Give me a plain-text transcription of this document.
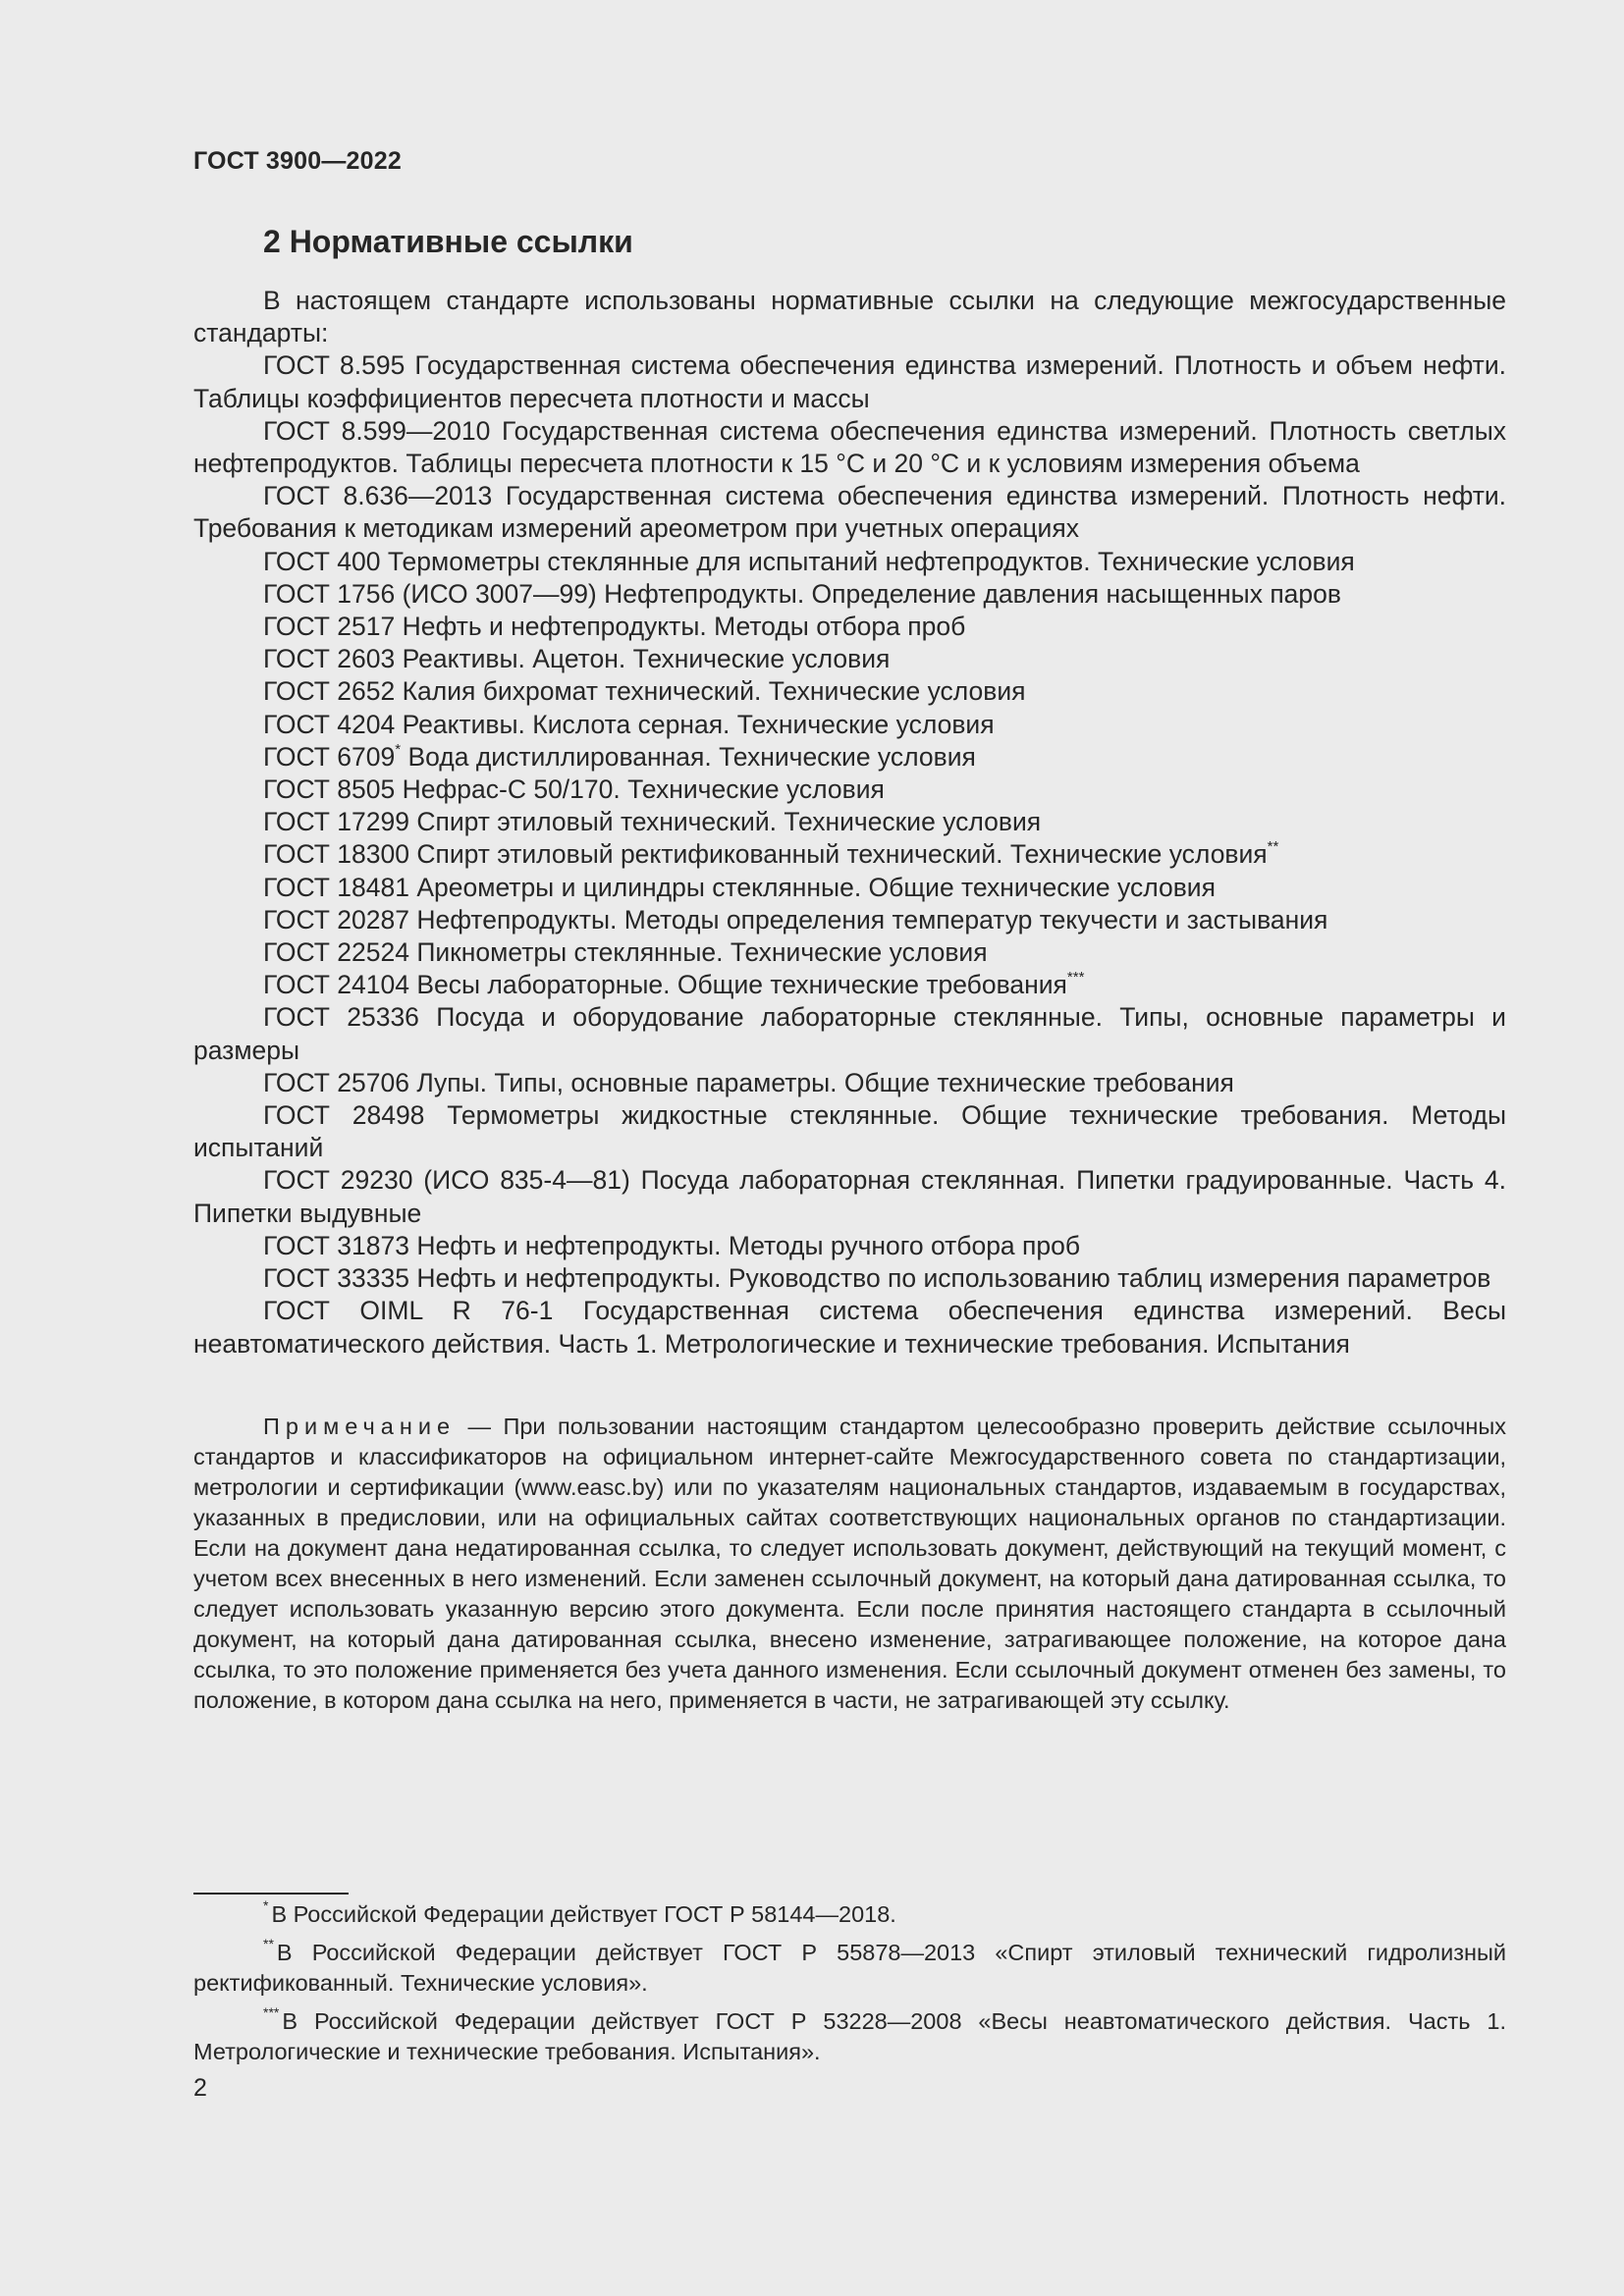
ГОСТ 3900—2022
2 Нормативные ссылки

В настоящем стандарте использованы нормативные ссылки на следующие межгосударственные стандарты:

ГОСТ 8.595 Государственная система обеспечения единства измерений. Плотность и объем нефти. Таблицы коэффициентов пересчета плотности и массы

ГОСТ 8.599—2010 Государственная система обеспечения единства измерений. Плотность светлых нефтепродуктов. Таблицы пересчета плотности к 15 °С и 20 °С и к условиям измерения объема

ГОСТ 8.636—2013 Государственная система обеспечения единства измерений. Плотность нефти. Требования к методикам измерений ареометром при учетных операциях

ГОСТ 400 Термометры стеклянные для испытаний нефтепродуктов. Технические условия

ГОСТ 1756 (ИСО 3007—99) Нефтепродукты. Определение давления насыщенных паров

ГОСТ 2517 Нефть и нефтепродукты. Методы отбора проб

ГОСТ 2603 Реактивы. Ацетон. Технические условия

ГОСТ 2652 Калия бихромат технический. Технические условия

ГОСТ 4204 Реактивы. Кислота серная. Технические условия

ГОСТ 6709* Вода дистиллированная. Технические условия

ГОСТ 8505 Нефрас-С 50/170. Технические условия

ГОСТ 17299 Спирт этиловый технический. Технические условия

ГОСТ 18300 Спирт этиловый ректификованный технический. Технические условия**

ГОСТ 18481 Ареометры и цилиндры стеклянные. Общие технические условия

ГОСТ 20287 Нефтепродукты. Методы определения температур текучести и застывания

ГОСТ 22524 Пикнометры стеклянные. Технические условия

ГОСТ 24104 Весы лабораторные. Общие технические требования***

ГОСТ 25336 Посуда и оборудование лабораторные стеклянные. Типы, основные параметры и размеры

ГОСТ 25706 Лупы. Типы, основные параметры. Общие технические требования

ГОСТ 28498 Термометры жидкостные стеклянные. Общие технические требования. Методы испытаний

ГОСТ 29230 (ИСО 835-4—81) Посуда лабораторная стеклянная. Пипетки градуированные. Часть 4. Пипетки выдувные

ГОСТ 31873 Нефть и нефтепродукты. Методы ручного отбора проб

ГОСТ 33335 Нефть и нефтепродукты. Руководство по использованию таблиц измерения параметров

ГОСТ OIML R 76-1 Государственная система обеспечения единства измерений. Весы неавтоматического действия. Часть 1. Метрологические и технические требования. Испытания

Примечание — При пользовании настоящим стандартом целесообразно проверить действие ссылочных стандартов и классификаторов на официальном интернет-сайте Межгосударственного совета по стандартизации, метрологии и сертификации (www.easc.by) или по указателям национальных стандартов, издаваемым в государствах, указанных в предисловии, или на официальных сайтах соответствующих национальных органов по стандартизации. Если на документ дана недатированная ссылка, то следует использовать документ, действующий на текущий момент, с учетом всех внесенных в него изменений. Если заменен ссылочный документ, на который дана датированная ссылка, то следует использовать указанную версию этого документа. Если после принятия настоящего стандарта в ссылочный документ, на который дана датированная ссылка, внесено изменение, затрагивающее положение, на которое дана ссылка, то это положение применяется без учета данного изменения. Если ссылочный документ отменен без замены, то положение, в котором дана ссылка на него, применяется в части, не затрагивающей эту ссылку.

* В Российской Федерации действует ГОСТ Р 58144—2018.

** В Российской Федерации действует ГОСТ Р 55878—2013 «Спирт этиловый технический гидролизный ректификованный. Технические условия».

*** В Российской Федерации действует ГОСТ Р 53228—2008 «Весы неавтоматического действия. Часть 1. Метрологические и технические требования. Испытания».

2
